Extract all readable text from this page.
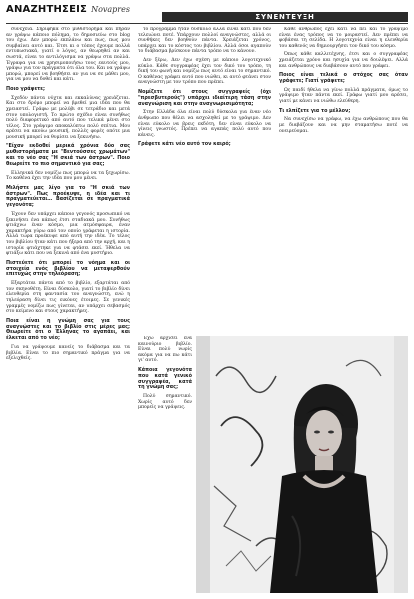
ΑΝΑΖΗΤΗΣΕΙΣ Novapres
ΣΥΝΕΝΤΕΥΞΗ

συνέχεια. Σηρίφηκα στο μυθιστόρημα και πήραν αν γράψω κάποιο πόλημα, το δημοσιεύω στο blog του έχω. Δεν μπορώ εκπλάνω και πως, πως μου συμβαίνει αυτό και. Έτσι κι ο τόπος έχουμε πολλά εντυπωσιακά, γιατί ο λόγος, αν θεωρηθεί αν και σωστά, είναι το αντιλόγισμα να γράψω στα πολλά. Έγραψα για να χρησιμοποιήσω τους εαυτούς μου, γράψω για τον πράγματα ότι όλα του. Και να γράψω μπορώ, μπορεί να βοηθήσει αν για να σε μάθει μου, για να μου να δοθεί και κάτι.

Ποιο γράφετε;

Σχεδόν πάντα νύχτα και εκκαλύνας χρειάζεται. Και στο δρόμο μπορεί να βρεθεί μια ιδέα που θα χρειαστεί. Γράφω με μολύβι σε τετράδιο και μετά στον υπολογιστή. Το πρώτο σχέδιο είναι συνήθως πολύ διαφορετικό από αυτό που τελικά μένει στο τέλος. Στο γράψιμο αποκαλύπτω πολύ σπίτια. Μου αρέσει να ακούω μουσική, πολλές φορές οπότε μια μουσική μπορεί να θυμίσει να ξεκινήσω.

"Είχαν εκδοθεί μερικά χρόνια δύο σας μυθιστορήματα με "Βεντούσσες χρωμάτων" και το νέο σας "Η σκιά των άστρων". Ποιο θεωρείτε το πιο σημαντικό για σας;

Ελληνικά δεν νομίζω πως μπορώ να τα ξεχωρίσω. Το καθένα έχει την ιδέα που μου μένει.

Μιλήστε μας λίγο για το "Η σκιά των άστρων". Πως προέκυψε, η ιδέα και τι πραγματεύεται… Βασίζεται σε πραγματικά γεγονότα;

Έχουν δεν υπάρχει κάποιο γεγονός προσωπικό να ξεκινήσει ένα κάπως έτσι σταδιακά μου. Συνήθως φτιάχνω έναν κόσμο, μια ατμόσφαιρα, έναν χαρακτήρα γύρω από τον οποίο γράφεται η ιστορία. Αλλά τώρα προέκυψε από αυτή την ιδέα. Το τέλος του βιβλίου ήταν κάτι που ήξερα από την αρχή, και η ιστορία φτιάχτηκε για να φτάσει εκεί. Ήθελα να φτιάξω κάτι που να ξεκινά από ένα μυστήριο.

Πιστεύετε ότι μπορεί το νόημα και οι στοιχεία ενός βιβλίου να μεταφερθούν επιτυχώς στην τηλεόραση;

Εξαρτάται πάντα από το βιβλίο, εξαρτάται από τον σκηνοθέτη. Είναι δύσκολο, γιατί το βιβλίο δίνει ελευθερία στη φαντασία του αναγνώστη, ενώ η τηλεόραση δίνει τις εικόνες έτοιμες. Σε γενικές γραμμές νομίζω πως γίνεται, αν υπάρχει σεβασμός στο κείμενο και στους χαρακτήρες.

Ποια είναι η γνώμη σας για τους αναγνώστες και το βιβλίο στις μέρες μας; Θεωρείτε ότι ο Έλληνας το αγαπάει, και έλκεται από το νέο;

Για να γράψουμε κανείς το διάβασμα και τα βιβλία. Είναι το πιο σημαντικό πράγμα για να εξελιχθείς.

το πρόγραμμα ήταν δύσκολο αλλά είναι κάτι που δεν τελειώνει ποτέ. Υπάρχουν πολλοί αναγνώστες, αλλά οι συνθήκες δεν βοηθούν πάντα. Χρειάζεται χρόνος, υπάρχει και το κόστος του βιβλίου. Αλλά όσοι αγαπούν το διάβασμα βρίσκουν πάντα τρόπο να το κάνουν.

Δεν ξέρω, Δεν έχω σχέση με κάποιο λογοτεχνικό κύκλο. Κάθε συγγραφέας έχει τον δικό του τρόπο, τη δική του φωνή και νομίζω πως αυτό είναι το σημαντικό. Ο καθένας γράφει αυτό που νιώθει, κι αυτό φτάνει στον αναγνώστη με τον τρόπο που πρέπει.

Νομίζετε ότι στους συγγραφείς (όχι "πρεσβυτερούς") υπάρχει ιδιαίτερη τάση στην αναγνώριση και στην αναγνωρισιμότητα;

Στην Ελλάδα όλα είναι πολύ δύσκολα για έναν νέο άνθρωπο που θέλει να ασχοληθεί με το γράψιμο. Δεν είναι εύκολο να βρεις εκδότη, δεν είναι εύκολο να γίνεις γνωστός. Πρέπει να αγαπάς πολύ αυτό που κάνεις.

Γράφετε κάτι νέο αυτό τον καιρό;

Έχω αρχίσει ένα καινούριο βιβλίο. Είναι πολύ νωρίς ακόμα για να πω κάτι γι' αυτό.

Κάποια γεγονότα που κατά γενικό συγγραφέα, κατά τη γνώμη σας;

Πολύ σημαντικό. Χωρίς αυτό δεν μπορείς να γράψεις.

Κάθε άνθρωπος έχει κάτι να πει και το γράψιμο είναι ένας τρόπος να το μοιραστεί. Δεν πρέπει να φοβάσαι τη σελίδα. Η λογοτεχνία είναι η ελευθερία του καθενός να δημιουργήσει τον δικό του κόσμο.

Όπως κάθε καλλιτέχνης, έτσι και ο συγγραφέας χρειάζεται χρόνο και ησυχία για να δουλέψει. Αλλά και ανθρώπους να διαβάσουν αυτό που γράφει.

Ποιος είναι τελικά ο στόχος σας όταν γράφετε; Γιατί γράφετε;

Ως παιδί ήθελα να γίνω πολλά πράγματα, όμως το γράψιμο ήταν πάντα εκεί. Γράφω γιατί μου αρέσει, γιατί με κάνει να νιώθω ελεύθερη.

Τι ελπίζετε για το μέλλον;

Να συνεχίσω να γράφω, να έχω ανθρώπους που θα με διαβάζουν και να μην σταματήσω ποτέ να ονειρεύομαι.
